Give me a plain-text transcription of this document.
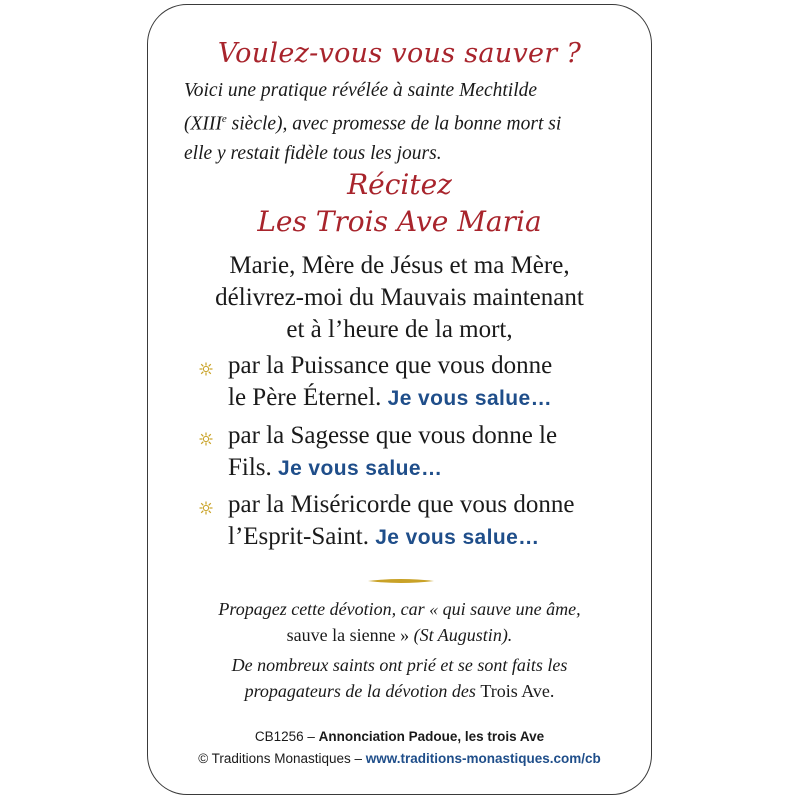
Voulez-vous vous sauver ?
Voici une pratique révélée à sainte Mechtilde
(XIIIe siècle), avec promesse de la bonne mort si
elle y restait fidèle tous les jours.
Récitez
Les Trois Ave Maria
Marie, Mère de Jésus et ma Mère,
délivrez-moi du Mauvais maintenant
et à l’heure de la mort,
par la Puissance que vous donne
le Père Éternel. Je vous salue…
par la Sagesse que vous donne le
Fils. Je vous salue…
par la Miséricorde que vous donne
l’Esprit-Saint. Je vous salue…
Propagez cette dévotion, car « qui sauve une âme,
sauve la sienne » (St Augustin).
De nombreux saints ont prié et se sont faits les
propagateurs de la dévotion des Trois Ave.
CB1256 – Annonciation Padoue, les trois Ave
© Traditions Monastiques – www.traditions-monastiques.com/cb
